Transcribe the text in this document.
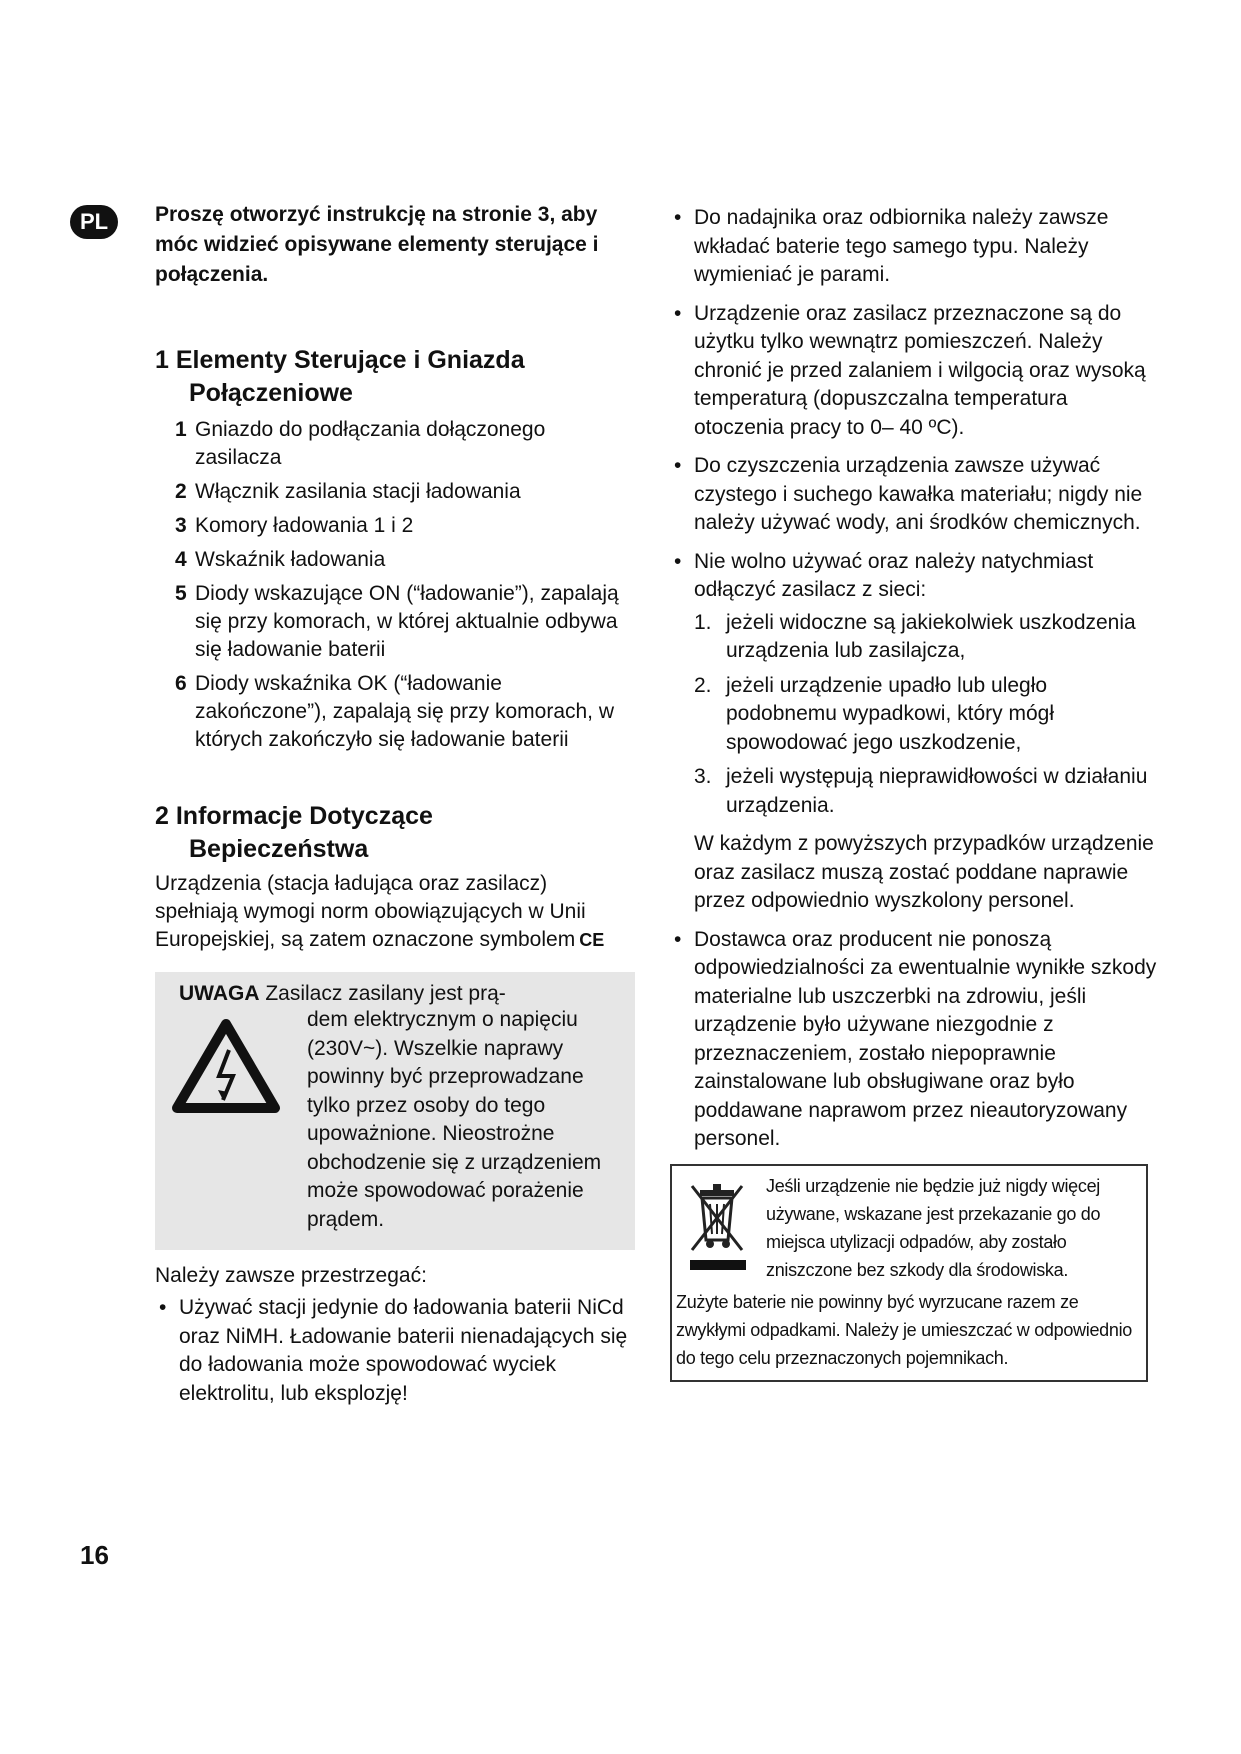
PL	Proszę otworzyć instrukcję na stronie 3, aby móc widzieć opisywane elementy sterujące i połączenia.

1 Elementy Sterujące i Gniazda
Połączeniowe
1 Gniazdo do podłączania dołączonego zasilacza
2 Włącznik zasilania stacji ładowania
3 Komory ładowania 1 i 2
4 Wskaźnik ładowania
5 Diody wskazujące ON (“ładowanie”), zapalają się przy komorach, w której aktualnie odbywa się ładowanie baterii
6 Diody wskaźnika OK (“ładowanie zakończone”), zapalają się przy komorach, w których zakończyło się ładowanie baterii
2 Informacje Dotyczące
Bepieczeństwa

Urządzenia (stacja ładująca oraz zasilacz) spełniają wymogi norm obowiązujących w Unii Europejskiej, są zatem oznaczone symbolem CE

UWAGA Zasilacz zasilany jest prą-
dem elektrycznym o napięciu (230V~). Wszelkie naprawy powinny być przeprowadzane tylko przez osoby do tego upoważnione. Nieostrożne obchodzenie się z urządzeniem może spowodować porażenie prądem.
Należy zawsze przestrzegać:
• Używać stacji jedynie do ładowania baterii NiCd oraz NiMH. Ładowanie baterii nienadających się do ładowania może spowodować wyciek elektrolitu, lub eksplozję!
• Do nadajnika oraz odbiornika należy zawsze wkładać baterie tego samego typu. Należy wymieniać je parami.
• Urządzenie oraz zasilacz przeznaczone są do użytku tylko wewnątrz pomieszczeń. Należy chronić je przed zalaniem i wilgocią oraz wysoką temperaturą (dopuszczalna temperatura otoczenia pracy to 0– 40 ºC).
• Do czyszczenia urządzenia zawsze używać czystego i suchego kawałka materiału; nigdy nie należy używać wody, ani środków chemicznych.
• Nie wolno używać oraz należy natychmiast odłączyć zasilacz z sieci:
1. jeżeli widoczne są jakiekolwiek uszkodzenia urządzenia lub zasilajcza,
2. jeżeli urządzenie upadło lub uległo podobnemu wypadkowi, który mógł spowodować jego uszkodzenie,
3. jeżeli występują nieprawidłowości w działaniu urządzenia.

W każdym z powyższych przypadków urządzenie oraz zasilacz muszą zostać poddane naprawie przez odpowiednio wyszkolony personel.

• Dostawca oraz producent nie ponoszą odpowiedzialności za ewentualnie wynikłe szkody materialne lub uszczerbki na zdrowiu, jeśli urządzenie było używane niezgodnie z przeznaczeniem, zostało niepoprawnie zainstalowane lub obsługiwane oraz było poddawane naprawom przez nieautoryzowany personel.
Jeśli urządzenie nie będzie już nigdy więcej używane, wskazane jest przekazanie go do miejsca utylizacji odpadów, aby zostało zniszczone bez szkody dla środowiska.
Zużyte baterie nie powinny być wyrzucane razem ze zwykłymi odpadkami. Należy je umieszczać w odpowiednio do tego celu przeznaczonych pojemnikach.
16
